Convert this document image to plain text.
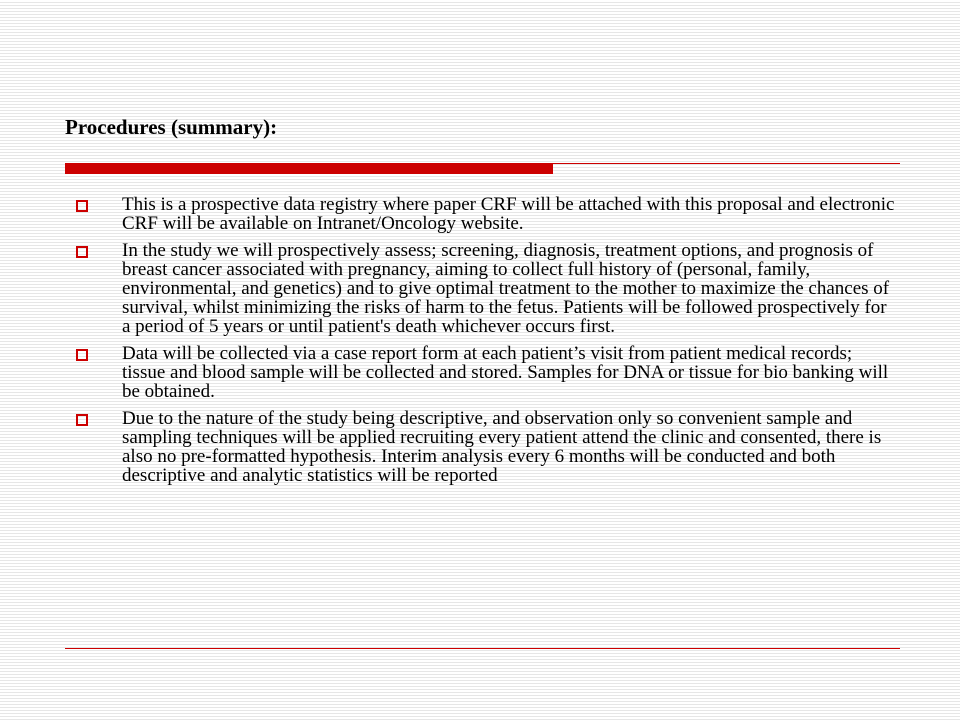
Procedures (summary):
This is a prospective data registry where paper CRF will be attached with this proposal and electronic CRF will be available on Intranet/Oncology website.
In the study we will prospectively assess; screening, diagnosis, treatment options, and prognosis of breast cancer associated with pregnancy, aiming to collect full history of (personal, family, environmental, and genetics) and to give optimal treatment to the mother to maximize the chances of survival, whilst minimizing the risks of harm to the fetus. Patients will be followed prospectively for a period of 5 years or until patient's death whichever occurs first.
Data will be collected via a case report form at each patient’s visit from patient medical records; tissue and blood sample will be collected and stored. Samples for DNA or tissue for bio banking will be obtained.
Due to the nature of the study being descriptive, and observation only so convenient sample and sampling techniques will be applied recruiting every patient attend the clinic and consented, there is also no pre-formatted hypothesis. Interim analysis every 6 months will be conducted and both descriptive and analytic statistics will be reported
